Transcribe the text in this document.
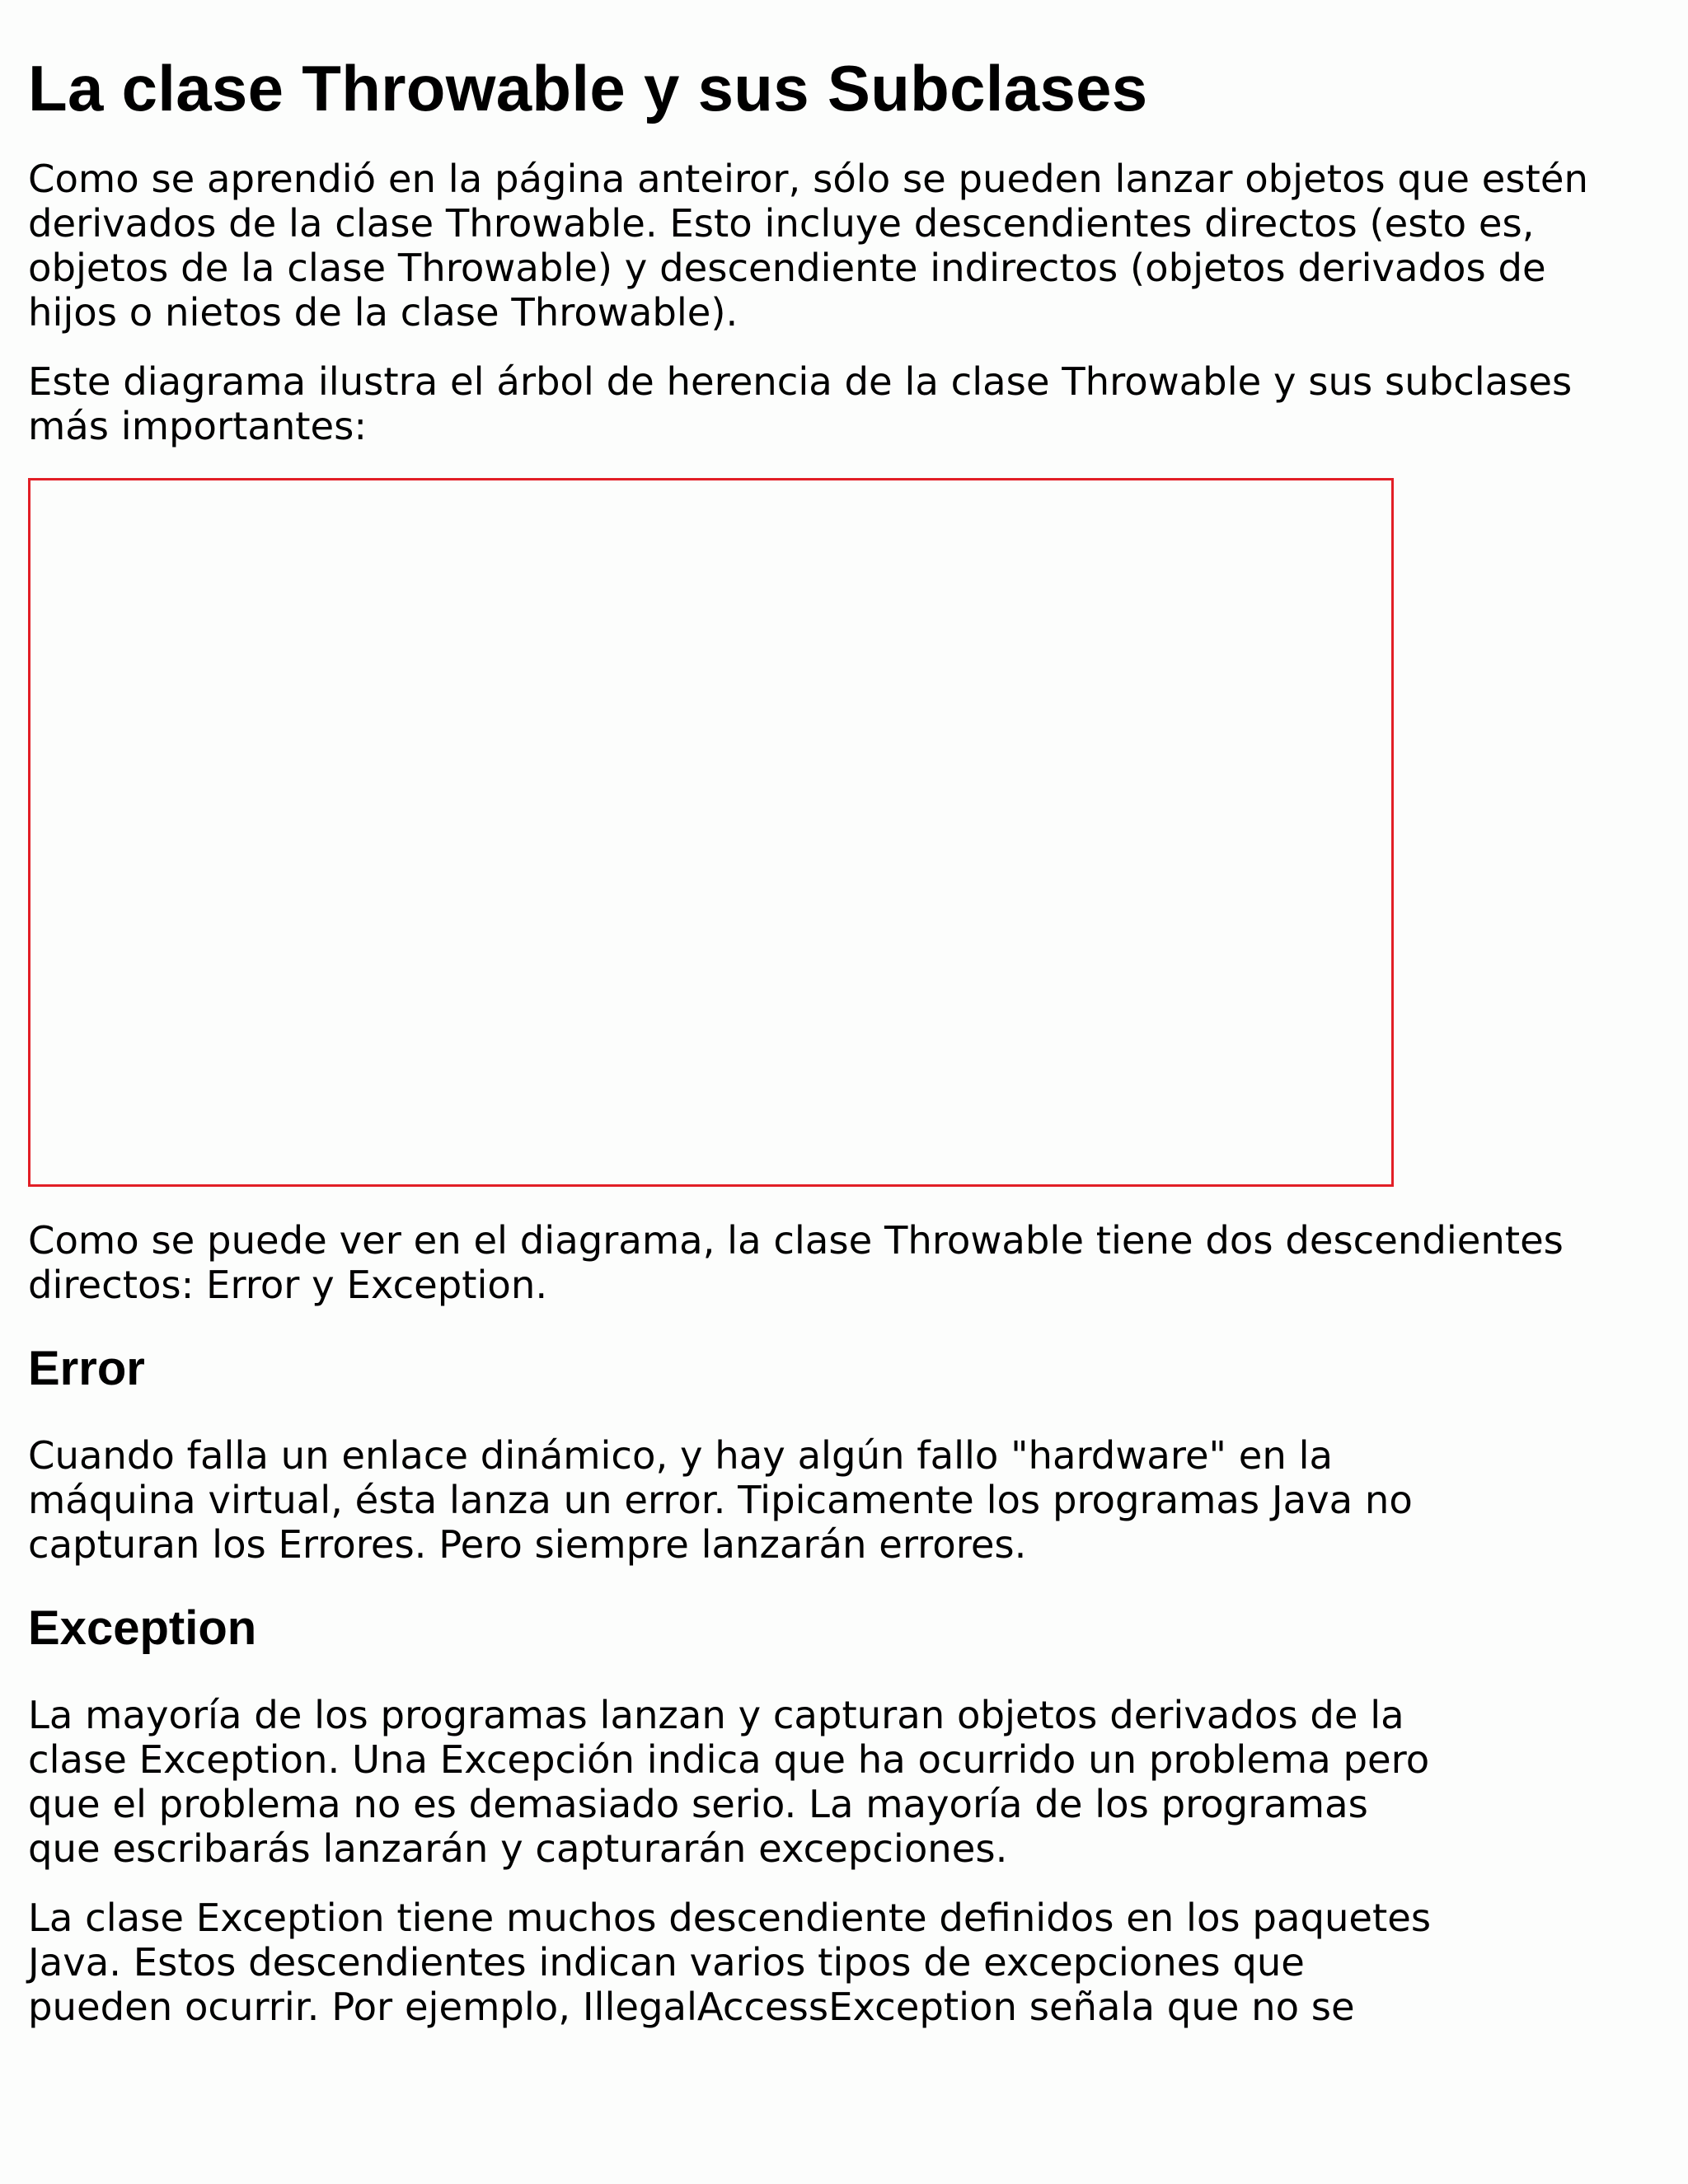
La clase Throwable y sus Subclases

Como se aprendió en la página anteiror, sólo se pueden lanzar objetos que estén
derivados de la clase Throwable. Esto incluye descendientes directos (esto es,
objetos de la clase Throwable) y descendiente indirectos (objetos derivados de
hijos o nietos de la clase Throwable).

Este diagrama ilustra el árbol de herencia de la clase Throwable y sus subclases
más importantes:

Como se puede ver en el diagrama, la clase Throwable tiene dos descendientes
directos: Error y Exception.

Error

Cuando falla un enlace dinámico, y hay algún fallo "hardware" en la
máquina virtual, ésta lanza un error. Tipicamente los programas Java no
capturan los Errores. Pero siempre lanzarán errores.

Exception

La mayoría de los programas lanzan y capturan objetos derivados de la
clase Exception. Una Excepción indica que ha ocurrido un problema pero
que el problema no es demasiado serio. La mayoría de los programas
que escribarás lanzarán y capturarán excepciones.

La clase Exception tiene muchos descendiente definidos en los paquetes
Java. Estos descendientes indican varios tipos de excepciones que
pueden ocurrir. Por ejemplo, IllegalAccessException señala que no se
